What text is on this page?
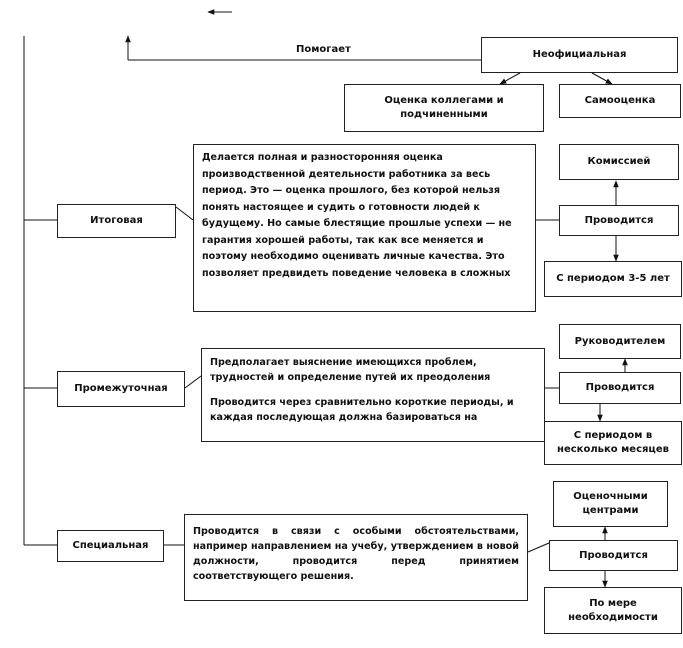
Помогает	Неофициальная
Оценка коллегами и подчиненными
Самооценка
Итоговая
Делается полная и разносторонняя оценка производственной деятельности работника за весь период. Это — оценка прошлого, без которой нельзя понять настоящее и судить о готовности людей к будущему. Но самые блестящие прошлые успехи — не гарантия хорошей работы, так как все меняется и поэтому необходимо оценивать личные качества. Это позволяет предвидеть поведение человека в сложных
Комиссией
Проводится
С периодом 3-5 лет
Промежуточная
Предполагает выяснение имеющихся проблем, трудностей и определение путей их преодоления
Проводится через сравнительно короткие периоды, и каждая последующая должна базироваться на
Руководителем
Проводится
С периодом в несколько месяцев
Специальная
Проводится в связи с особыми обстоятельствами, например направлением на учебу, утверждением в новой должности, проводится перед принятием соответствующего решения.
Оценочными центрами
Проводится
По мере необходимости
